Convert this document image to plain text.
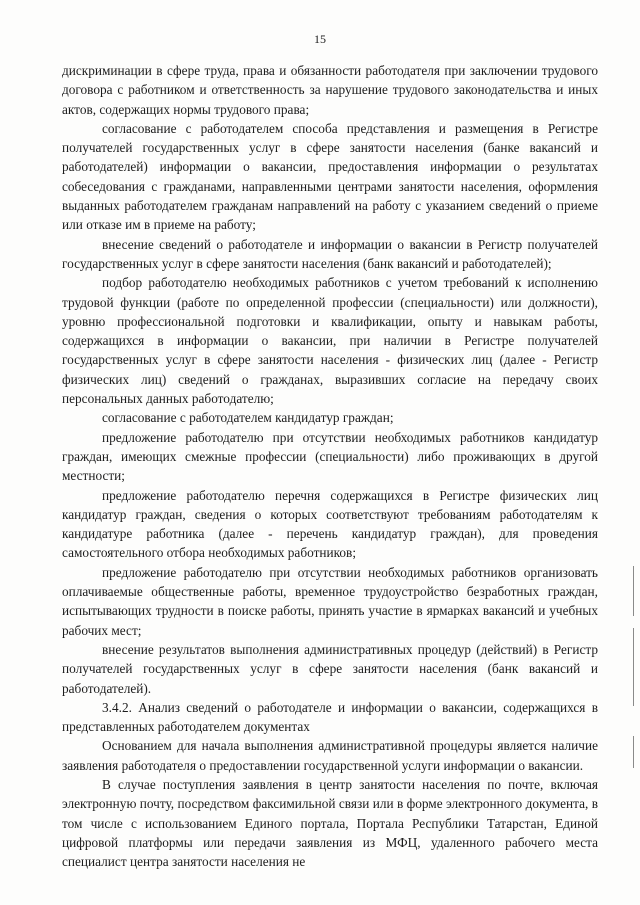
15

дискриминации в сфере труда, права и обязанности работодателя при заключении трудового договора с работником и ответственность за нарушение трудового законодательства и иных актов, содержащих нормы трудового права;

согласование с работодателем способа представления и размещения в Регистре получателей государственных услуг в сфере занятости населения (банке вакансий и работодателей) информации о вакансии, предоставления информации о результатах собеседования с гражданами, направленными центрами занятости населения, оформления выданных работодателем гражданам направлений на работу с указанием сведений о приеме или отказе им в приеме на работу;

внесение сведений о работодателе и информации о вакансии в Регистр получателей государственных услуг в сфере занятости населения (банк вакансий и работодателей);

подбор работодателю необходимых работников с учетом требований к исполнению трудовой функции (работе по определенной профессии (специальности) или должности), уровню профессиональной подготовки и квалификации, опыту и навыкам работы, содержащихся в информации о вакансии, при наличии в Регистре получателей государственных услуг в сфере занятости населения - физических лиц (далее - Регистр физических лиц) сведений о гражданах, выразивших согласие на передачу своих персональных данных работодателю;

согласование с работодателем кандидатур граждан;

предложение работодателю при отсутствии необходимых работников кандидатур граждан, имеющих смежные профессии (специальности) либо проживающих в другой местности;

предложение работодателю перечня содержащихся в Регистре физических лиц кандидатур граждан, сведения о которых соответствуют требованиям работодателям к кандидатуре работника (далее - перечень кандидатур граждан), для проведения самостоятельного отбора необходимых работников;

предложение работодателю при отсутствии необходимых работников организовать оплачиваемые общественные работы, временное трудоустройство безработных граждан, испытывающих трудности в поиске работы, принять участие в ярмарках вакансий и учебных рабочих мест;

внесение результатов выполнения административных процедур (действий) в Регистр получателей государственных услуг в сфере занятости населения (банк вакансий и работодателей).

3.4.2. Анализ сведений о работодателе и информации о вакансии, содержащихся в представленных работодателем документах

Основанием для начала выполнения административной процедуры является наличие заявления работодателя о предоставлении государственной услуги информации о вакансии.

В случае поступления заявления в центр занятости населения по почте, включая электронную почту, посредством факсимильной связи или в форме электронного документа, в том числе с использованием Единого портала, Портала Республики Татарстан, Единой цифровой платформы или передачи заявления из МФЦ, удаленного рабочего места специалист центра занятости населения не
